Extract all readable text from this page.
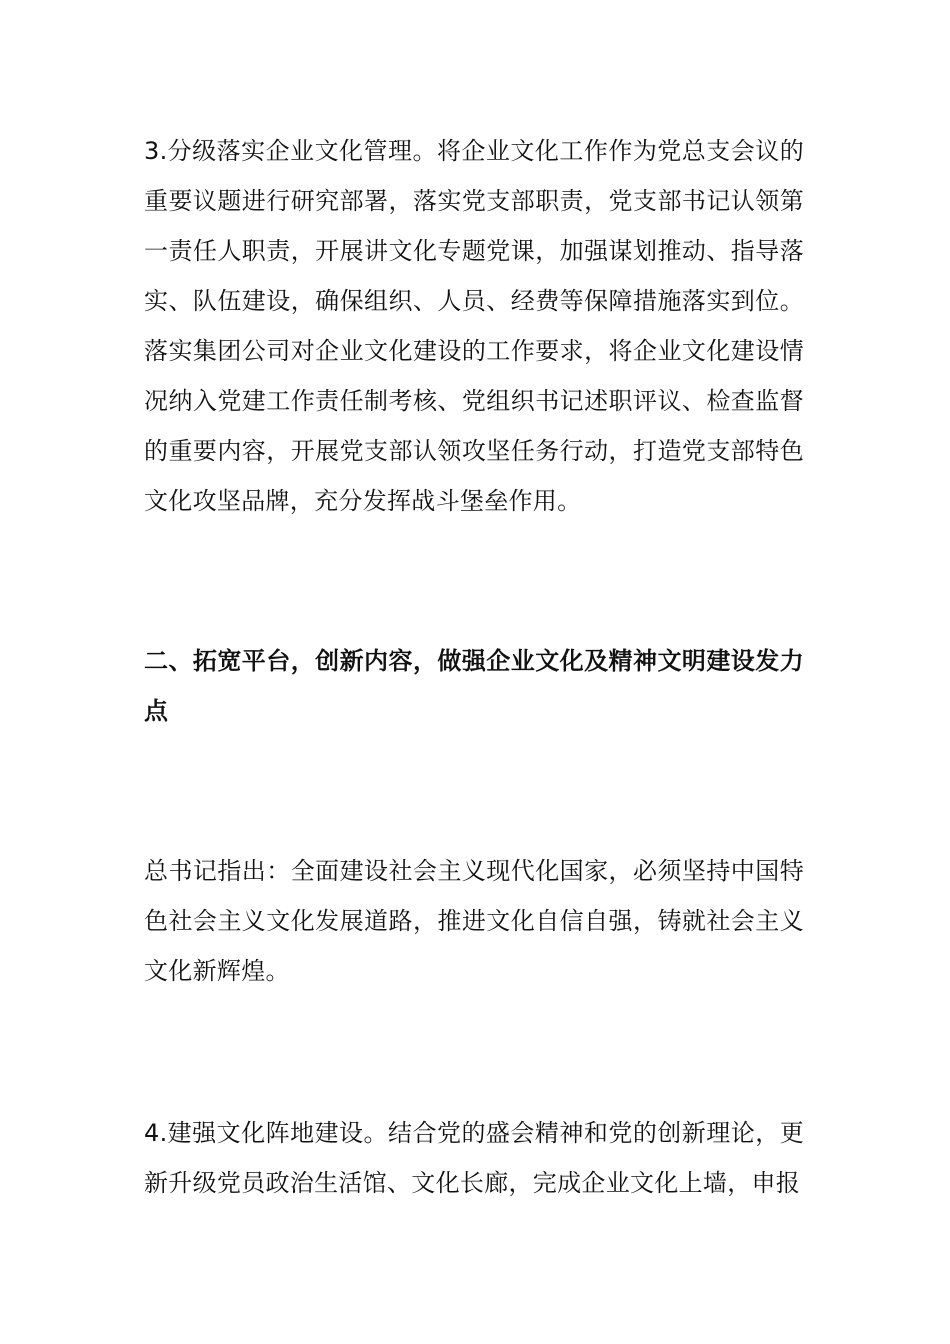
3.分级落实企业文化管理。将企业文化工作作为党总支会议的重要议题进行研究部署，落实党支部职责，党支部书记认领第一责任人职责，开展讲文化专题党课，加强谋划推动、指导落实、队伍建设，确保组织、人员、经费等保障措施落实到位。落实集团公司对企业文化建设的工作要求，将企业文化建设情况纳入党建工作责任制考核、党组织书记述职评议、检查监督的重要内容，开展党支部认领攻坚任务行动，打造党支部特色文化攻坚品牌，充分发挥战斗堡垒作用。

二、拓宽平台，创新内容，做强企业文化及精神文明建设发力点

总书记指出：全面建设社会主义现代化国家，必须坚持中国特色社会主义文化发展道路，推进文化自信自强，铸就社会主义文化新辉煌。

4.建强文化阵地建设。结合党的盛会精神和党的创新理论，更新升级党员政治生活馆、文化长廊，完成企业文化上墙，申报
